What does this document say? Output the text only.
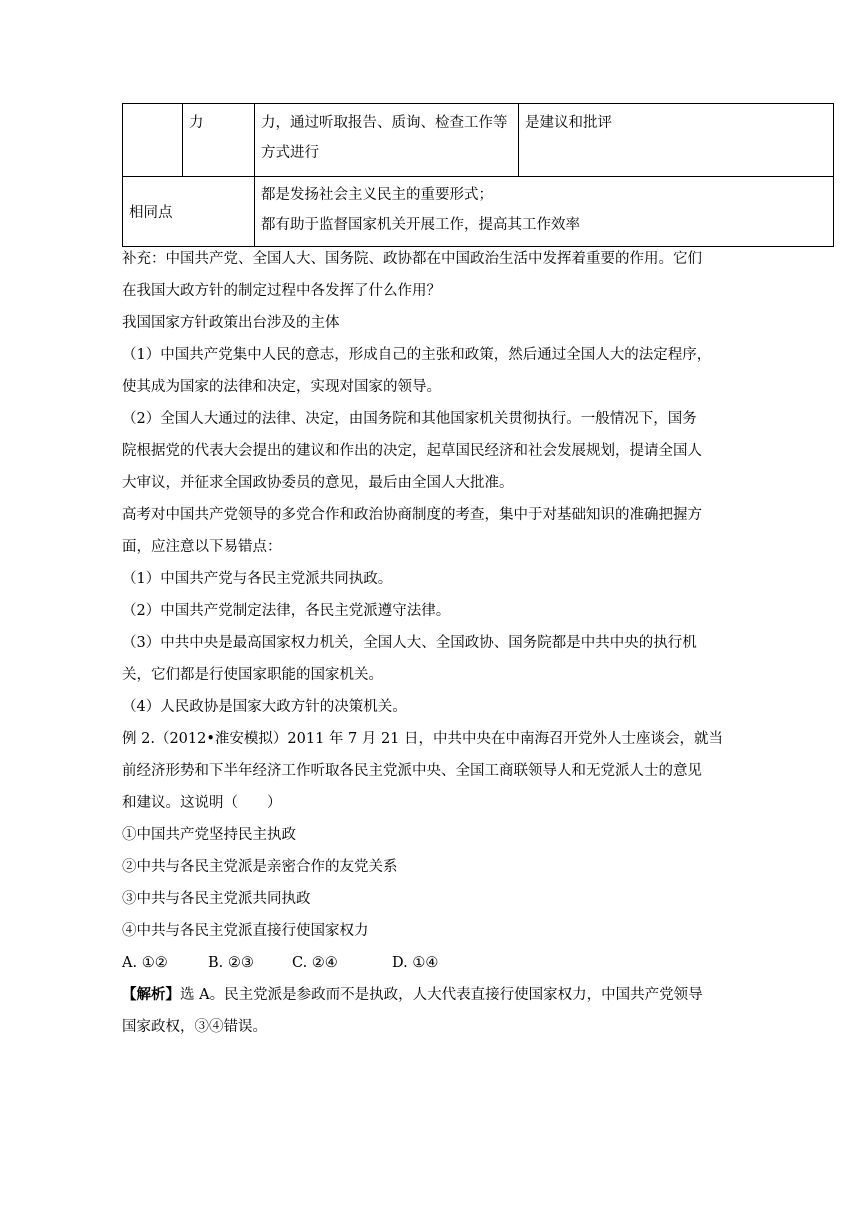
	力	力，通过听取报告、质询、检查工作等
方式进行	是建议和批评
相同点		都是发扬社会主义民主的重要形式；
都有助于监督国家机关开展工作，提高其工作效率	

补充：中国共产党、全国人大、国务院、政协都在中国政治生活中发挥着重要的作用。它们
在我国大政方针的制定过程中各发挥了什么作用？

我国国家方针政策出台涉及的主体

（1）中国共产党集中人民的意志，形成自己的主张和政策，然后通过全国人大的法定程序，
使其成为国家的法律和决定，实现对国家的领导。

（2）全国人大通过的法律、决定，由国务院和其他国家机关贯彻执行。一般情况下，国务
院根据党的代表大会提出的建议和作出的决定，起草国民经济和社会发展规划，提请全国人
大审议，并征求全国政协委员的意见，最后由全国人大批准。

高考对中国共产党领导的多党合作和政治协商制度的考查，集中于对基础知识的准确把握方
面，应注意以下易错点：

（1）中国共产党与各民主党派共同执政。

（2）中国共产党制定法律，各民主党派遵守法律。

（3）中共中央是最高国家权力机关，全国人大、全国政协、国务院都是中共中央的执行机
关，它们都是行使国家职能的国家机关。

（4）人民政协是国家大政方针的决策机关。

例 2.（2012•淮安模拟）2011 年 7 月 21 日，中共中央在中南海召开党外人士座谈会，就当
前经济形势和下半年经济工作听取各民主党派中央、全国工商联领导人和无党派人士的意见
和建议。这说明（　　）

①中国共产党坚持民主执政

②中共与各民主党派是亲密合作的友党关系

③中共与各民主党派共同执政

④中共与各民主党派直接行使国家权力

A. ①②	B. ②③	C. ②④	D. ①④

【解析】选 A。民主党派是参政而不是执政，人大代表直接行使国家权力，中国共产党领导
国家政权，③④错误。
